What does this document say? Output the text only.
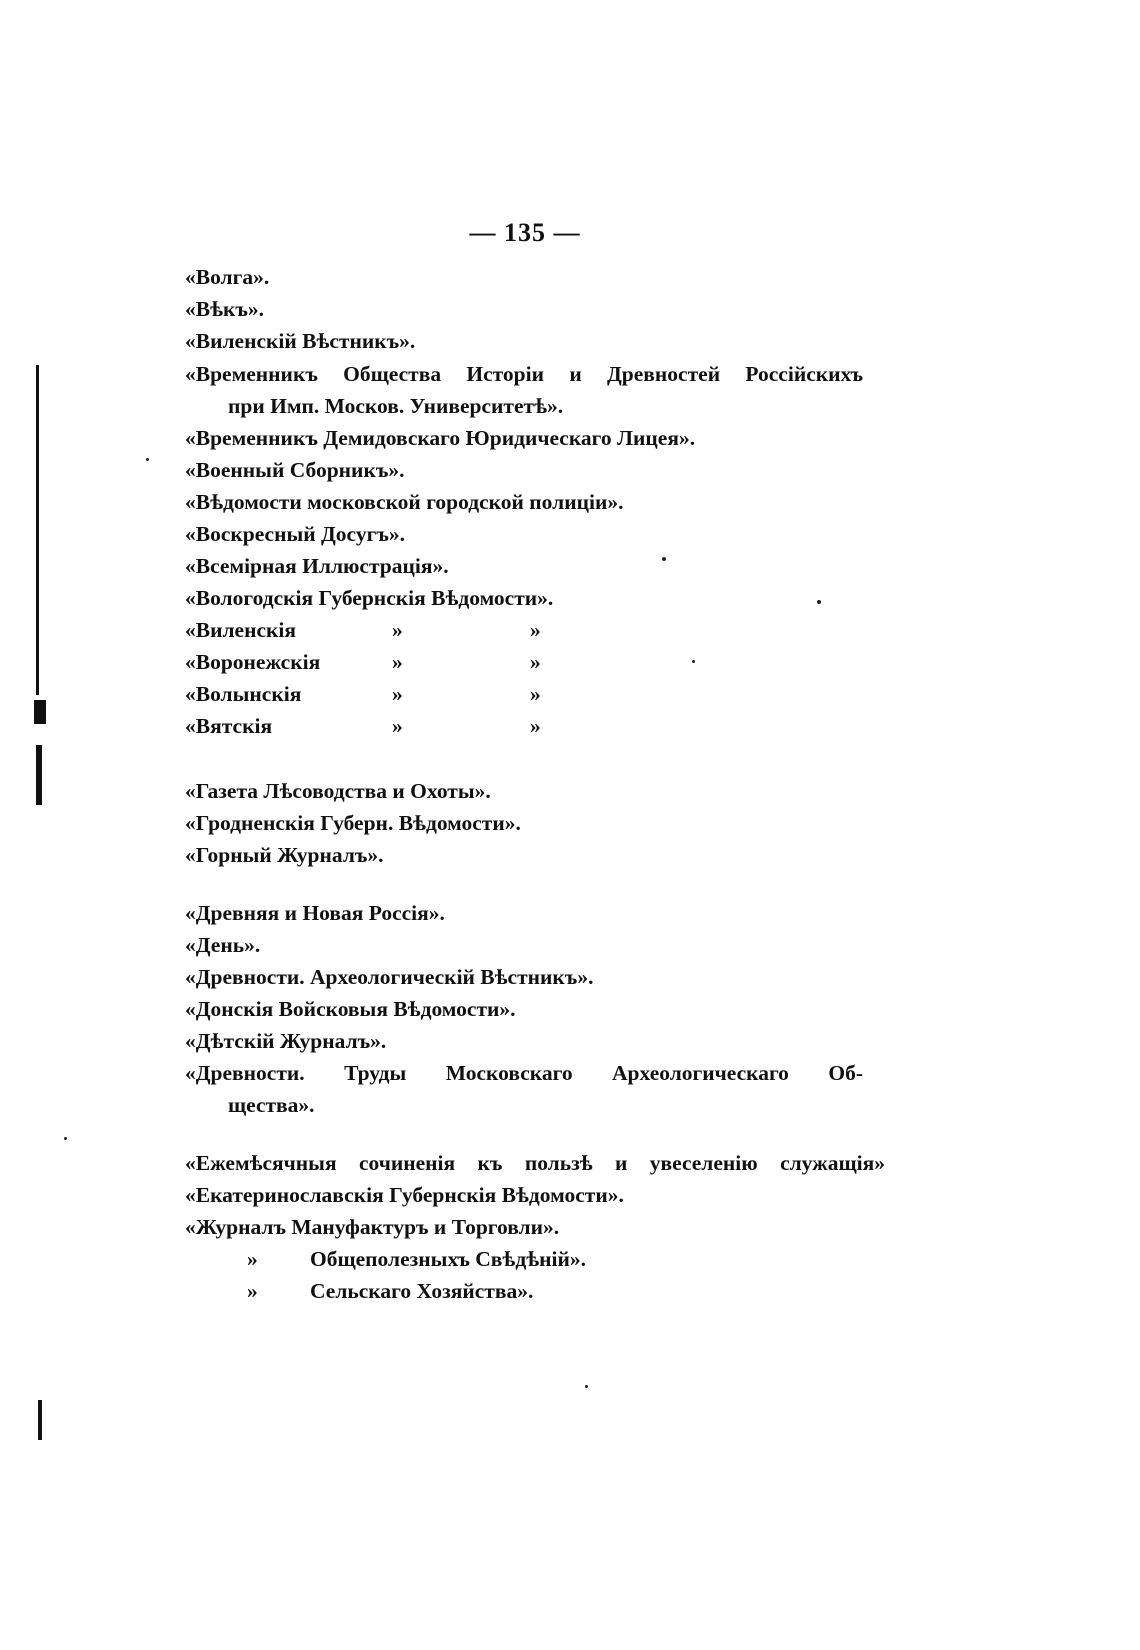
— 135 —
«Волга».
«Вѣкъ».
«Виленскій Вѣстникъ».
«Временникъ Общества Исторіи и Древностей Россійскихъ
при Имп. Москов. Университетѣ».
«Временникъ Демидовскаго Юридическаго Лицея».
«Военный Сборникъ».
«Вѣдомости московской городской полиціи».
«Воскресный Досугъ».
«Всемірная Иллюстрація».
«Вологодскія Губернскія Вѣдомости».
«Виленскія	»	»
«Воронежскія	»	»
«Волынскія	»	»
«Вятскія	»	»
«Газета Лѣсоводства и Охоты».
«Гродненскія Губерн. Вѣдомости».
«Горный Журналъ».
«Древняя и Новая Россія».
«День».
«Древности. Археологическій Вѣстникъ».
«Донскія Войсковыя Вѣдомости».
«Дѣтскій Журналъ».
«Древности. Труды Московскаго Археологическаго Об-
щества».
«Ежемѣсячныя сочиненія къ пользѣ и увеселенію служащія»
«Екатеринославскія Губернскія Вѣдомости».
«Журналъ Мануфактуръ и Торговли».
» Общеполезныхъ Свѣдѣній».
» Сельскаго Хозяйства».
